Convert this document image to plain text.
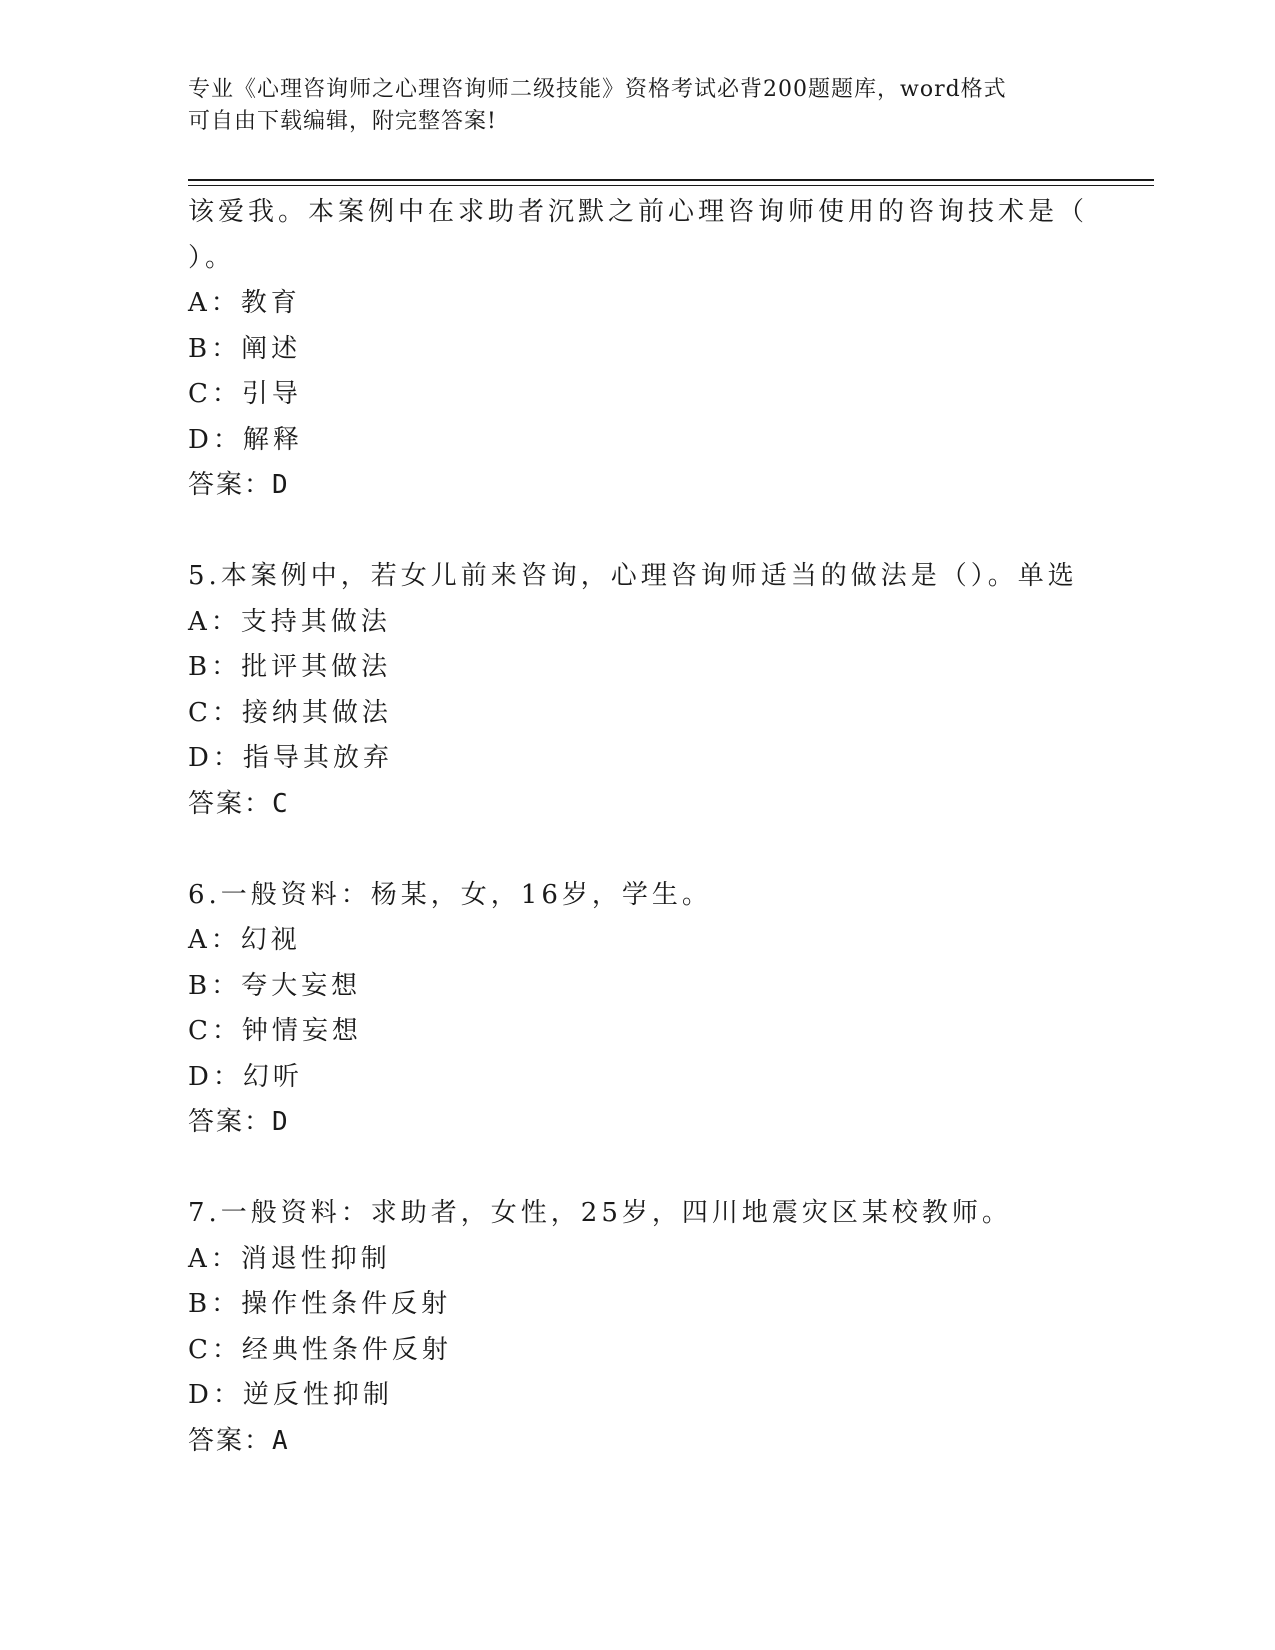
专业《心理咨询师之心理咨询师二级技能》资格考试必背200题题库，word格式
可自由下载编辑，附完整答案!
该爱我。本案例中在求助者沉默之前心理咨询师使用的咨询技术是（
）。
A：教育
B：阐述
C：引导
D：解释
答案：D
5.本案例中，若女儿前来咨询，心理咨询师适当的做法是（）。单选
A：支持其做法
B：批评其做法
C：接纳其做法
D：指导其放弃
答案：C
6.一般资料：杨某，女，16岁，学生。
A：幻视
B：夸大妄想
C：钟情妄想
D：幻听
答案：D
7.一般资料：求助者，女性，25岁，四川地震灾区某校教师。
A：消退性抑制
B：操作性条件反射
C：经典性条件反射
D：逆反性抑制
答案：A
